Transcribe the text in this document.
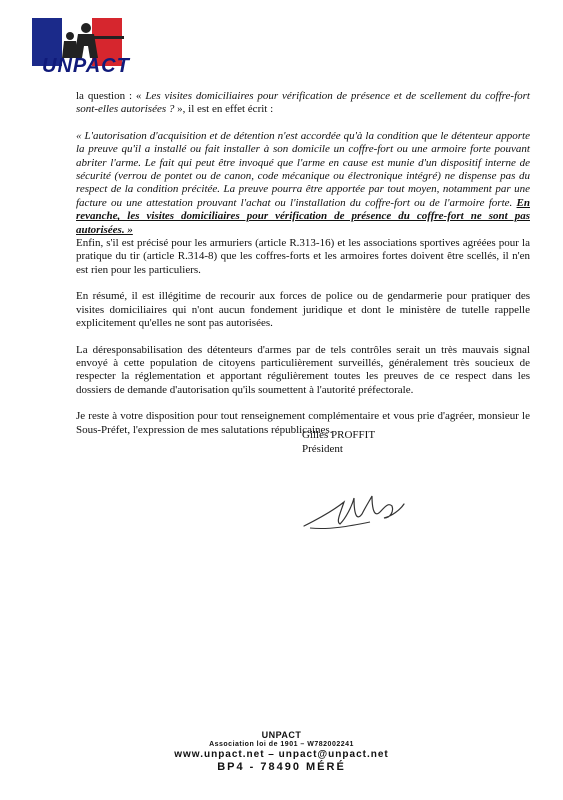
UNPACT

la question : « Les visites domiciliaires pour vérification de présence et de scellement du coffre-fort sont-elles autorisées ? », il est en effet écrit :

« L'autorisation d'acquisition et de détention n'est accordée qu'à la condition que le détenteur apporte la preuve qu'il a installé ou fait installer à son domicile un coffre-fort ou une armoire forte pouvant abriter l'arme. Le fait qui peut être invoqué que l'arme en cause est munie d'un dispositif interne de sécurité (verrou de pontet ou de canon, code mécanique ou électronique intégré) ne dispense pas du respect de la condition précitée. La preuve pourra être apportée par tout moyen, notamment par une facture ou une attestation prouvant l'achat ou l'installation du coffre-fort ou de l'armoire forte. En revanche, les visites domiciliaires pour vérification de présence du coffre-fort ne sont pas autorisées. »

Enfin, s'il est précisé pour les armuriers (article R.313-16) et les associations sportives agréées pour la pratique du tir (article R.314-8) que les coffres-forts et les armoires fortes doivent être scellés, il n'en est rien pour les particuliers.

En résumé, il est illégitime de recourir aux forces de police ou de gendarmerie pour pratiquer des visites domiciliaires qui n'ont aucun fondement juridique et dont le ministère de tutelle rappelle explicitement qu'elles ne sont pas autorisées.

La déresponsabilisation des détenteurs d'armes par de tels contrôles serait un très mauvais signal envoyé à cette population de citoyens particulièrement surveillés, généralement très soucieux de respecter la réglementation et apportant régulièrement toutes les preuves de ce respect dans les dossiers de demande d'autorisation qu'ils soumettent à l'autorité préfectorale.

Je reste à votre disposition pour tout renseignement complémentaire et vous prie d'agréer, monsieur le Sous-Préfet, l'expression de mes salutations républicaines.

Gilles PROFFIT
Président
UNPACT
Association loi de 1901 – W782002241
www.unpact.net – unpact@unpact.net
BP4 - 78490 MÉRÉ
